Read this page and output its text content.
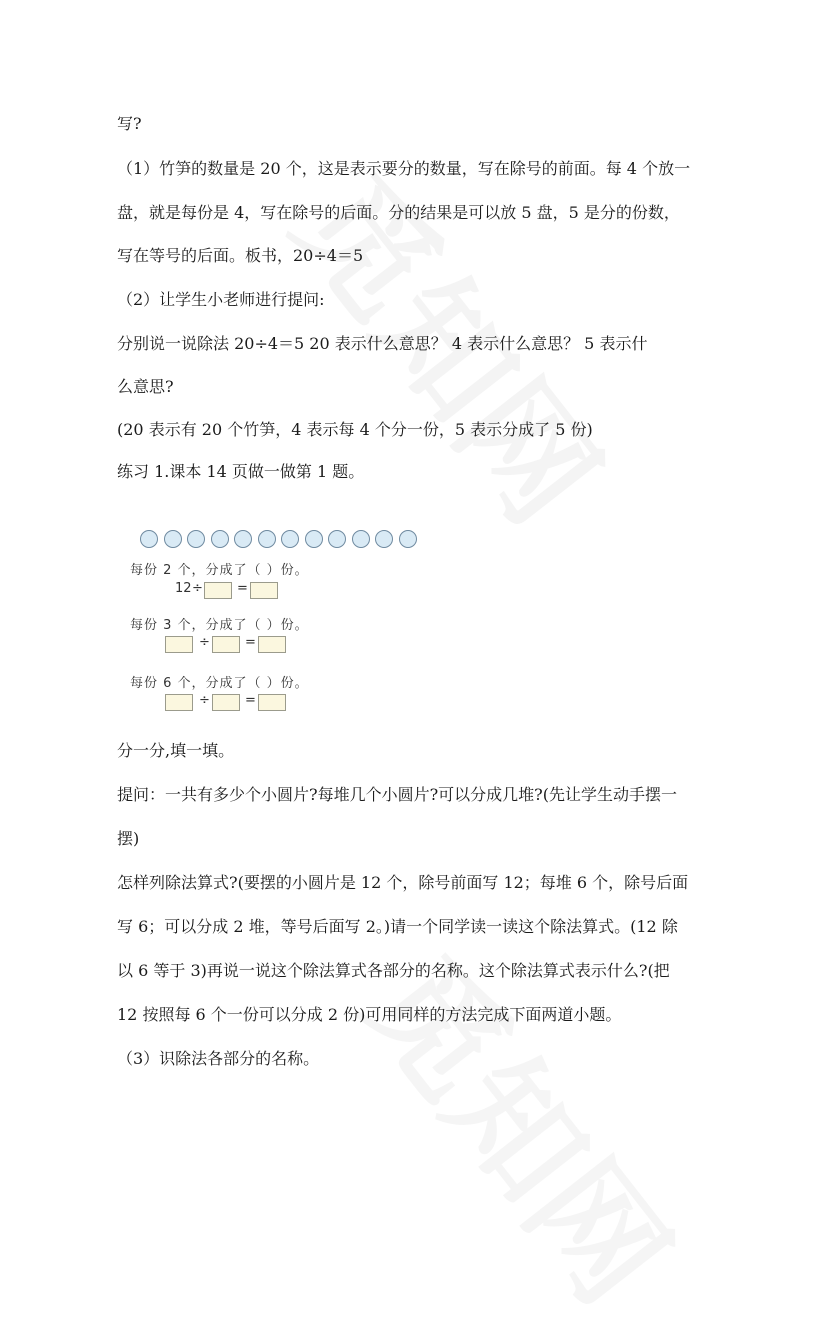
写?
（1）竹笋的数量是 20 个，这是表示要分的数量，写在除号的前面。每 4 个放一
盘，就是每份是 4，写在除号的后面。分的结果是可以放 5 盘，5 是分的份数，
写在等号的后面。板书，20÷4＝5
（2）让学生小老师进行提问:
分别说一说除法 20÷4＝5 20 表示什么意思？ 4 表示什么意思？ 5 表示什
么意思?
(20 表示有 20 个竹笋，4 表示每 4 个分一份，5 表示分成了 5 份)
练习 1.课本 14 页做一做第 1 题。
每份 2 个，分成了（ ）份。
12 ÷	=
每份 3 个，分成了（ ）份。
÷	=
每份 6 个，分成了（ ）份。
÷	=
分一分,填一填。
提问：一共有多少个小圆片?每堆几个小圆片?可以分成几堆?(先让学生动手摆一
摆)
怎样列除法算式?(要摆的小圆片是 12 个，除号前面写 12；每堆 6 个，除号后面
写 6；可以分成 2 堆，等号后面写 2。)请一个同学读一读这个除法算式。(12 除
以 6 等于 3)再说一说这个除法算式各部分的名称。这个除法算式表示什么?(把
12 按照每 6 个一份可以分成 2 份)可用同样的方法完成下面两道小题。
（3）识除法各部分的名称。
